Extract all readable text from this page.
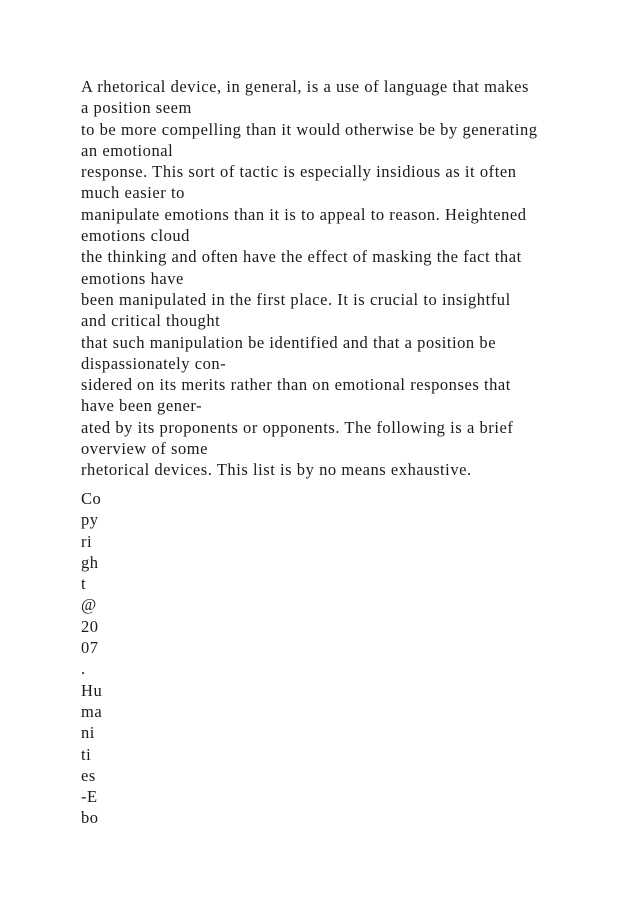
A rhetorical device, in general, is a use of language that makes
a position seem
to be more compelling than it would otherwise be by generating
an emotional
response. This sort of tactic is especially insidious as it often
much easier to
manipulate emotions than it is to appeal to reason. Heightened
emotions cloud
the thinking and often have the effect of masking the fact that
emotions have
been manipulated in the first place. It is crucial to insightful
and critical thought
that such manipulation be identified and that a position be
dispassionately con-
sidered on its merits rather than on emotional responses that
have been gener-
ated by its proponents or opponents. The following is a brief
overview of some
rhetorical devices. This list is by no means exhaustive.
Co
py
ri
gh
t
@
20
07
.
Hu
ma
ni
ti
es
-E
bo
